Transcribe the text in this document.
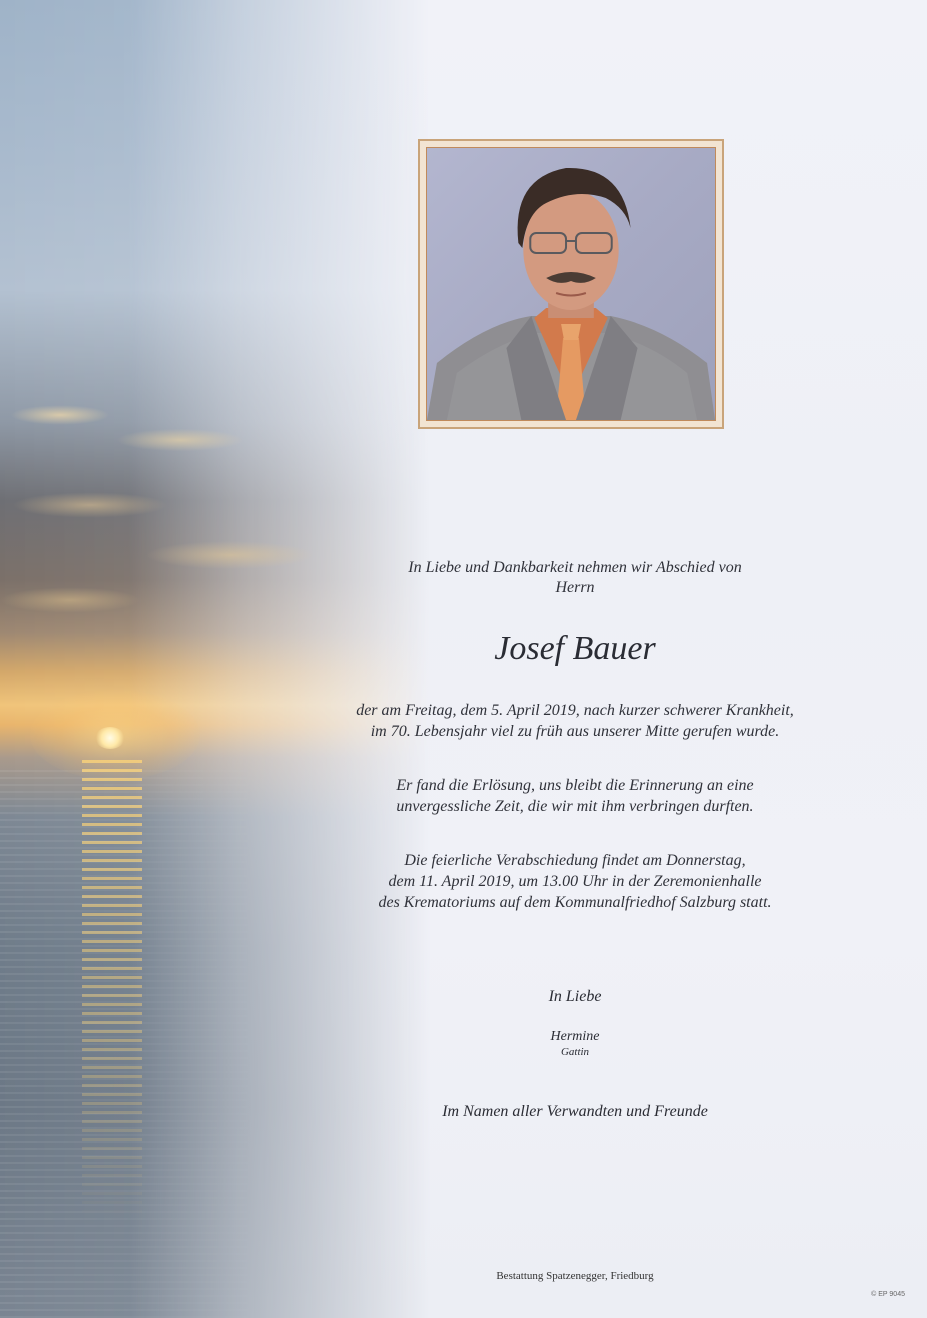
In Liebe und Dankbarkeit nehmen wir Abschied von
Herrn
Josef Bauer
der am Freitag, dem 5. April 2019, nach kurzer schwerer Krankheit,
im 70. Lebensjahr viel zu früh aus unserer Mitte gerufen wurde.
Er fand die Erlösung, uns bleibt die Erinnerung an eine
unvergessliche Zeit, die wir mit ihm verbringen durften.
Die feierliche Verabschiedung findet am Donnerstag,
dem 11. April 2019, um 13.00 Uhr in der Zeremonienhalle
des Krematoriums auf dem Kommunalfriedhof Salzburg statt.
In Liebe
Hermine
Gattin
Im Namen aller Verwandten und Freunde
Bestattung Spatzenegger, Friedburg
© EP 9045
